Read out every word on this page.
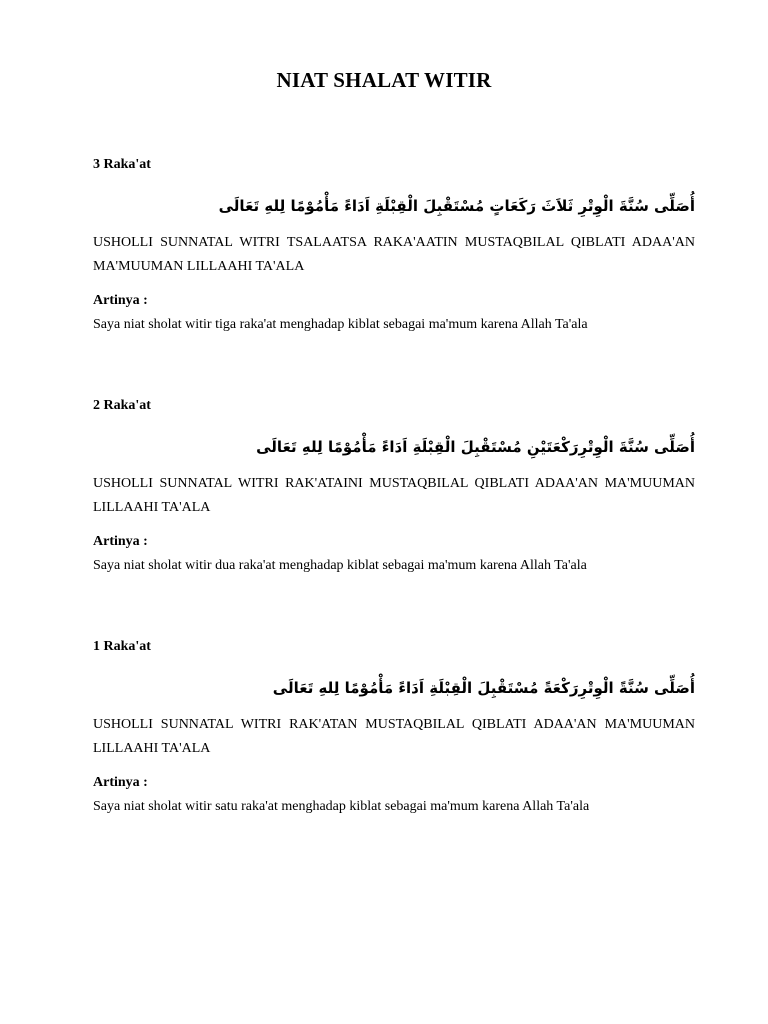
NIAT SHALAT WITIR
3 Raka'at
أُصَلِّى سُنَّةَ الْوِتْرِ ثَلاَثَ رَكَعَاتٍ مُسْتَقْبِلَ الْقِبْلَةِ اَدَاءً مَأْمُوْمًا لِلهِ تَعَالَى
USHOLLI SUNNATAL WITRI TSALAATSA RAKA'AATIN MUSTAQBILAL QIBLATI ADAA'AN MA'MUUMAN LILLAAHI TA'ALA
Artinya :
Saya niat sholat witir tiga raka'at menghadap kiblat sebagai ma'mum karena Allah Ta'ala
2 Raka'at
أُصَلِّى سُنَّةَ الْوِتْرِرَكْعَتَيْنِ مُسْتَقْبِلَ الْقِبْلَةِ اَدَاءً مَأْمُوْمًا لِلهِ تَعَالَى
USHOLLI SUNNATAL WITRI RAK'ATAINI MUSTAQBILAL QIBLATI ADAA'AN MA'MUUMAN LILLAAHI TA'ALA
Artinya :
Saya niat sholat witir dua raka'at menghadap kiblat sebagai ma'mum karena Allah Ta'ala
1 Raka'at
أُصَلِّى سُنَّةً الْوِتْرِرَكْعَةً مُسْتَقْبِلَ الْقِبْلَةِ اَدَاءً مَأْمُوْمًا لِلهِ تَعَالَى
USHOLLI SUNNATAL WITRI RAK'ATAN MUSTAQBILAL QIBLATI ADAA'AN MA'MUUMAN LILLAAHI TA'ALA
Artinya :
Saya niat sholat witir satu raka'at menghadap kiblat sebagai ma'mum karena Allah Ta'ala
